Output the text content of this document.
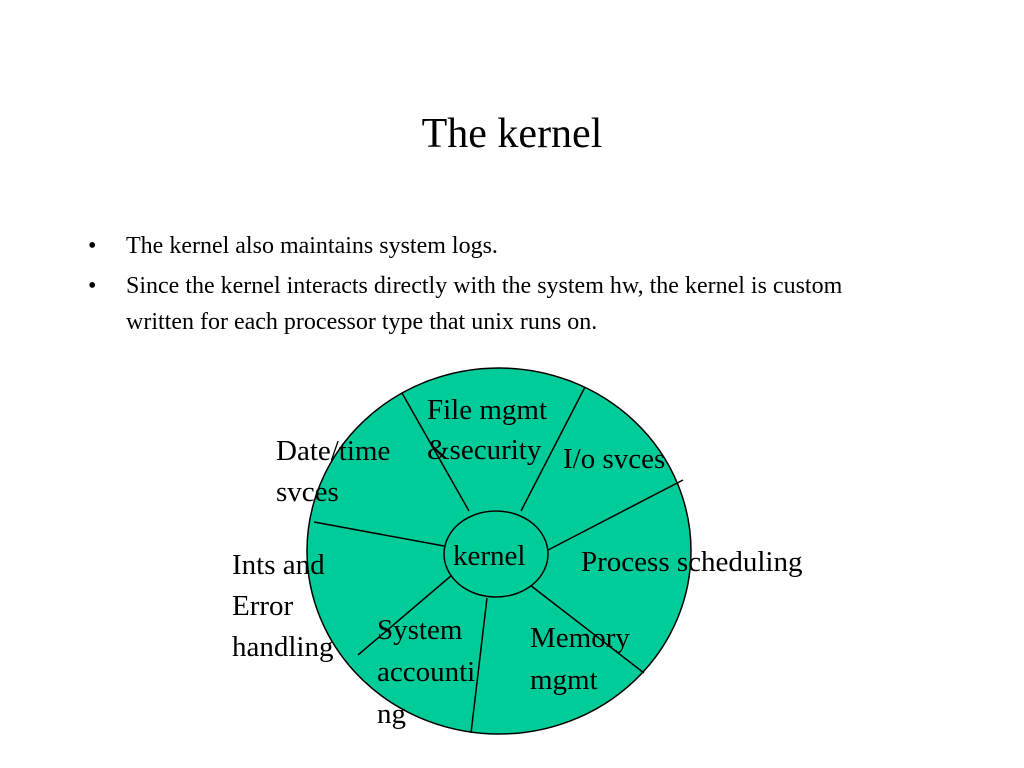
The kernel
• The kernel also maintains system logs.
• Since the kernel interacts directly with the system hw, the kernel is custom written for each processor type that unix runs on.
kernel
File mgmt &security I/o svces
Process scheduling
Memory mgmt
System accounti ng
Ints and Error handling
Date/time svces
